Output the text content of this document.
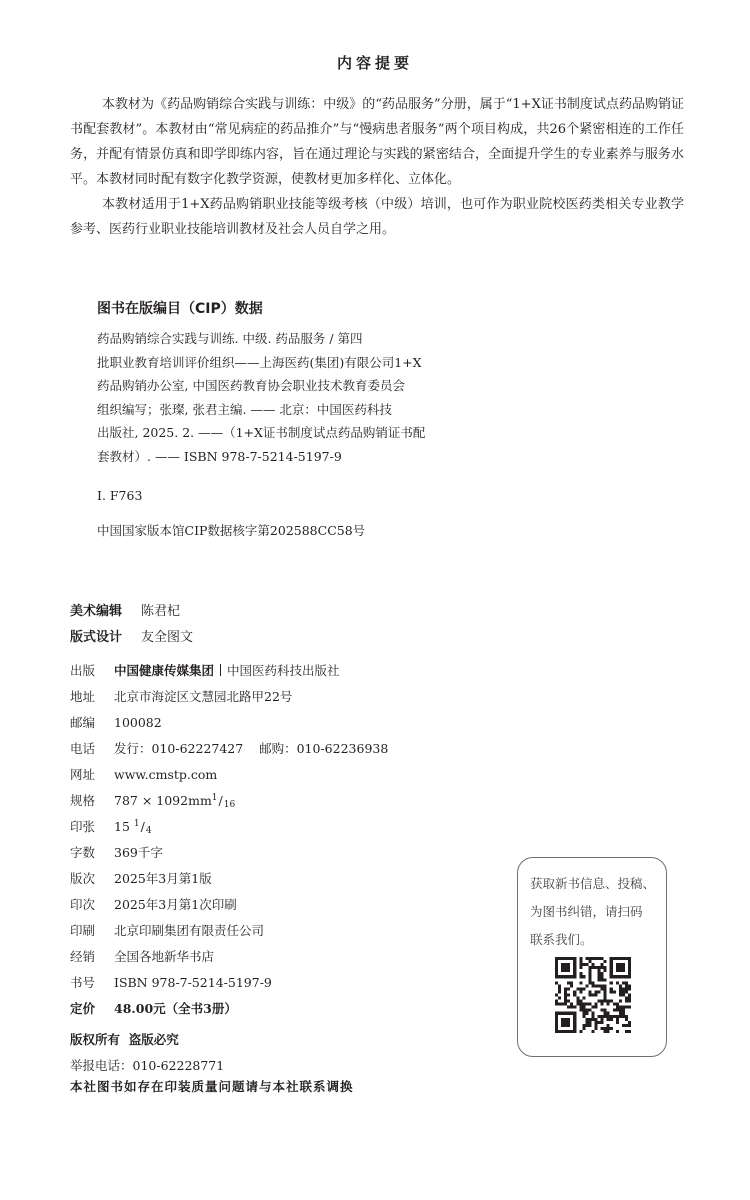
内容提要

本教材为《药品购销综合实践与训练：中级》的“药品服务”分册，属于“1+X证书制度试点药品购销证书配套教材”。本教材由“常见病症的药品推介”与“慢病患者服务”两个项目构成，共26个紧密相连的工作任务，并配有情景仿真和即学即练内容，旨在通过理论与实践的紧密结合，全面提升学生的专业素养与服务水平。本教材同时配有数字化教学资源，使教材更加多样化、立体化。

本教材适用于1+X药品购销职业技能等级考核（中级）培训，也可作为职业院校医药类相关专业教学参考、医药行业职业技能培训教材及社会人员自学之用。

图书在版编目（CIP）数据
药品购销综合实践与训练. 中级. 药品服务 / 第四
批职业教育培训评价组织——上海医药(集团)有限公司1+X
药品购销办公室, 中国医药教育协会职业技术教育委员会
组织编写；张璨, 张君主编. —— 北京：中国医药科技
出版社, 2025. 2. ——（1+X证书制度试点药品购销证书配
套教材）. —— ISBN 978-7-5214-5197-9
Ⅰ. F763
中国国家版本馆CIP数据核字第202588CC58号
美术编辑 陈君杞
版式设计 友全图文
出版 中国健康传媒集团 中国医药科技出版社
地址 北京市海淀区文慧园北路甲22号
邮编 100082
电话 发行：010-62227427    邮购：010-62236938
网址 www.cmstp.com
规格 $787 \times 1092mm^1/_{16}$
印张 15 $^1/_4$
字数 369千字
版次 2025年3月第1版
印次 2025年3月第1次印刷
印刷 北京印刷集团有限责任公司
经销 全国各地新华书店
书号 ISBN 978-7-5214-5197-9
定价 48.00元（全书3册）
版权所有  盗版必究
举报电话：010-62228771
本社图书如存在印装质量问题请与本社联系调换
获取新书信息、投稿、
为图书纠错，请扫码
联系我们。
